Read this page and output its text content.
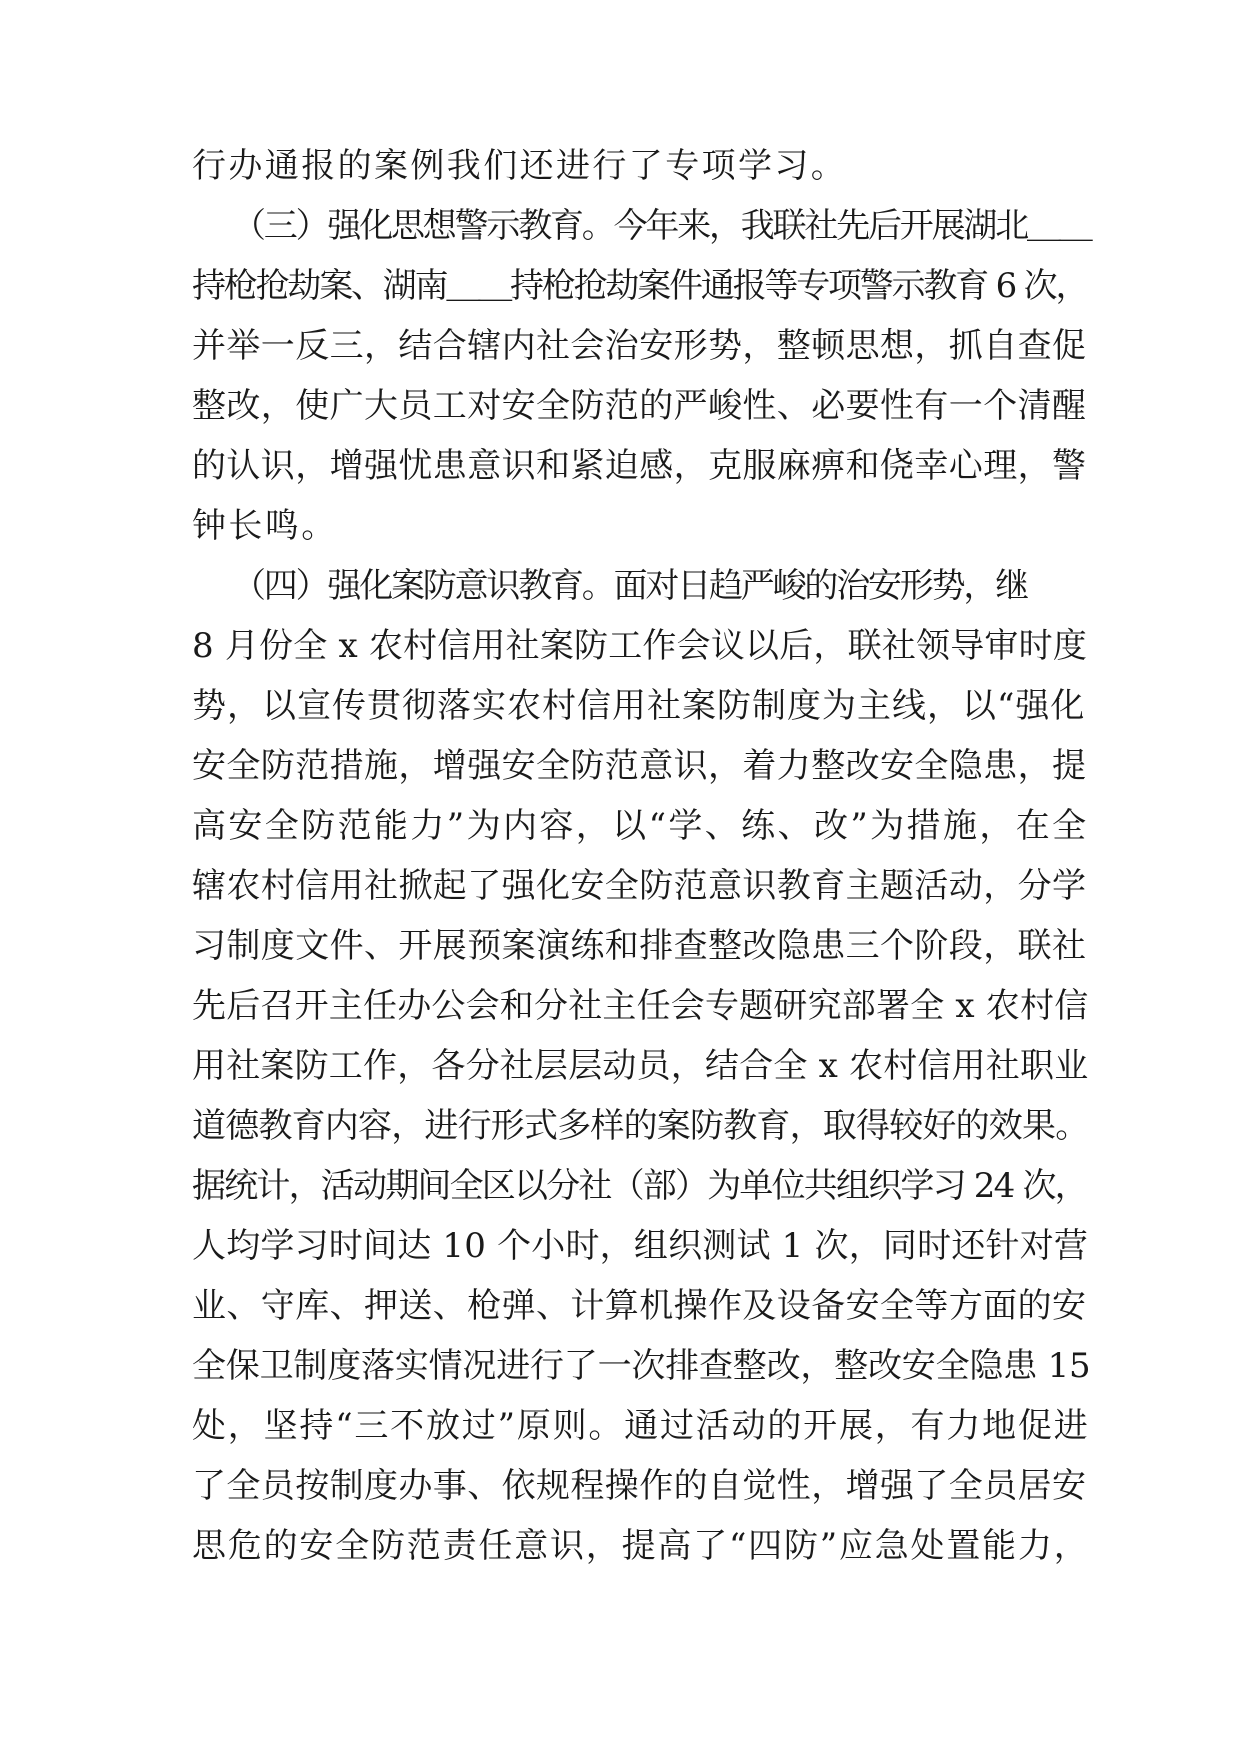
行办通报的案例我们还进行了专项学习。
（三）强化思想警示教育。今年来，我联社先后开展湖北＿＿
持枪抢劫案、湖南＿＿持枪抢劫案件通报等专项警示教育 6 次，
并举一反三，结合辖内社会治安形势，整顿思想，抓自查促
整改，使广大员工对安全防范的严峻性、必要性有一个清醒
的认识，增强忧患意识和紧迫感，克服麻痹和侥幸心理，警
钟长鸣。
（四）强化案防意识教育。面对日趋严峻的治安形势，继
8 月份全 x 农村信用社案防工作会议以后，联社领导审时度
势，以宣传贯彻落实农村信用社案防制度为主线，以“强化
安全防范措施，增强安全防范意识，着力整改安全隐患，提
高安全防范能力”为内容，以“学、练、改”为措施，在全
辖农村信用社掀起了强化安全防范意识教育主题活动，分学
习制度文件、开展预案演练和排查整改隐患三个阶段，联社
先后召开主任办公会和分社主任会专题研究部署全 x 农村信
用社案防工作，各分社层层动员，结合全 x 农村信用社职业
道德教育内容，进行形式多样的案防教育，取得较好的效果。
据统计，活动期间全区以分社（部）为单位共组织学习 24 次，
人均学习时间达 10 个小时，组织测试 1 次，同时还针对营
业、守库、押送、枪弹、计算机操作及设备安全等方面的安
全保卫制度落实情况进行了一次排查整改，整改安全隐患 15
处，坚持“三不放过”原则。通过活动的开展，有力地促进
了全员按制度办事、依规程操作的自觉性，增强了全员居安
思危的安全防范责任意识，提高了“四防”应急处置能力，
